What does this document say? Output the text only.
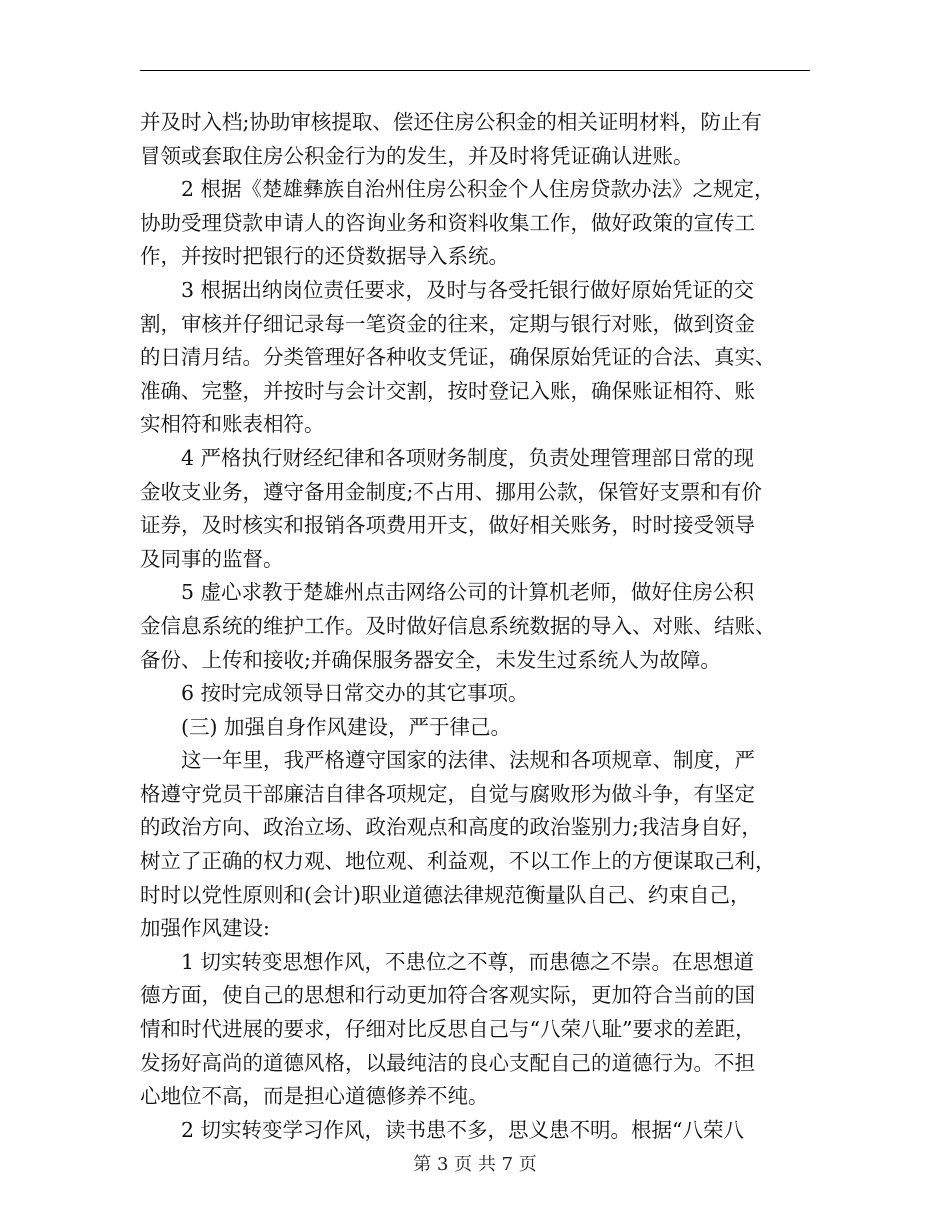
并及时入档;协助审核提取、偿还住房公积金的相关证明材料，防止有
冒领或套取住房公积金行为的发生，并及时将凭证确认进账。
2 根据《楚雄彝族自治州住房公积金个人住房贷款办法》之规定，
协助受理贷款申请人的咨询业务和资料收集工作，做好政策的宣传工
作，并按时把银行的还贷数据导入系统。
3 根据出纳岗位责任要求，及时与各受托银行做好原始凭证的交
割，审核并仔细记录每一笔资金的往来，定期与银行对账，做到资金
的日清月结。分类管理好各种收支凭证，确保原始凭证的合法、真实、
准确、完整，并按时与会计交割，按时登记入账，确保账证相符、账
实相符和账表相符。
4 严格执行财经纪律和各项财务制度，负责处理管理部日常的现
金收支业务，遵守备用金制度;不占用、挪用公款，保管好支票和有价
证券，及时核实和报销各项费用开支，做好相关账务，时时接受领导
及同事的监督。
5 虚心求教于楚雄州点击网络公司的计算机老师，做好住房公积
金信息系统的维护工作。及时做好信息系统数据的导入、对账、结账、
备份、上传和接收;并确保服务器安全，未发生过系统人为故障。
6 按时完成领导日常交办的其它事项。
(三) 加强自身作风建设，严于律己。
这一年里，我严格遵守国家的法律、法规和各项规章、制度，严
格遵守党员干部廉洁自律各项规定，自觉与腐败形为做斗争，有坚定
的政治方向、政治立场、政治观点和高度的政治鉴别力;我洁身自好，
树立了正确的权力观、地位观、利益观，不以工作上的方便谋取己利，
时时以党性原则和(会计)职业道德法律规范衡量队自己、约束自己，
加强作风建设:
1 切实转变思想作风，不患位之不尊，而患德之不崇。在思想道
德方面，使自己的思想和行动更加符合客观实际，更加符合当前的国
情和时代进展的要求，仔细对比反思自己与“八荣八耻”要求的差距，
发扬好高尚的道德风格，以最纯洁的良心支配自己的道德行为。不担
心地位不高，而是担心道德修养不纯。
2 切实转变学习作风，读书患不多，思义患不明。根据“八荣八
第 3 页 共 7 页
